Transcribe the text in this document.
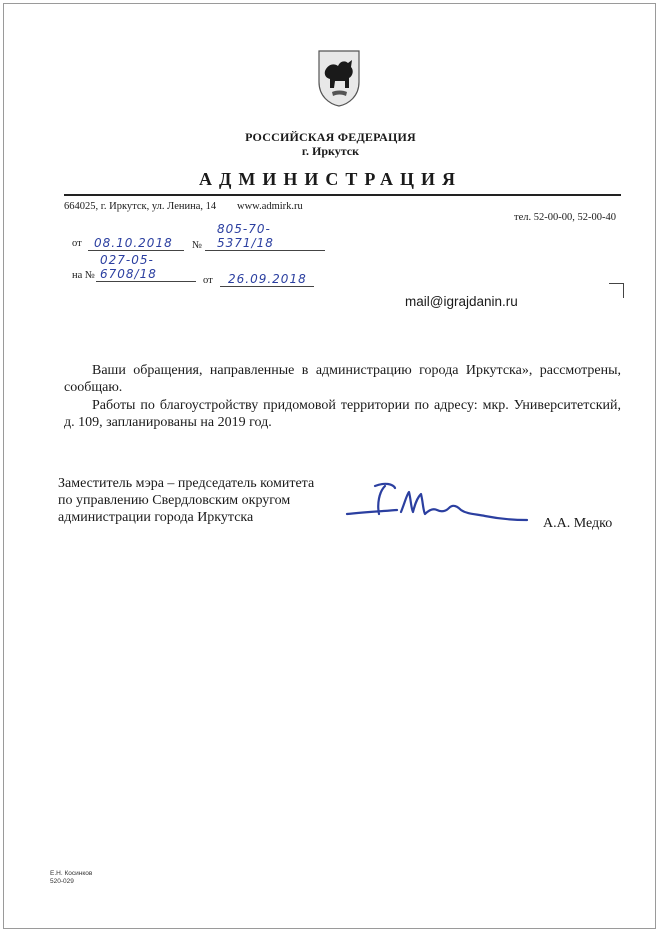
РОССИЙСКАЯ ФЕДЕРАЦИЯ
г. Иркутск
АДМИНИСТРАЦИЯ
664025, г. Иркутск, ул. Ленина, 14 www.admirk.ru
тел. 52-00-00, 52-00-40
от 08.10.2018 №
805-70-5371/18
на №
027-05-6708/18	от 26.09.2018
mail@igrajdanin.ru
Ваши обращения, направленные в администрацию города Иркутска», рассмотрены, сообщаю.
Работы по благоустройству придомовой территории по адресу: мкр. Университетский, д. 109, запланированы на 2019 год.
Заместитель мэра – председатель комитета
по управлению Свердловским округом
администрации города Иркутска	А.А. Медко
Е.Н. Косинков
520-029
